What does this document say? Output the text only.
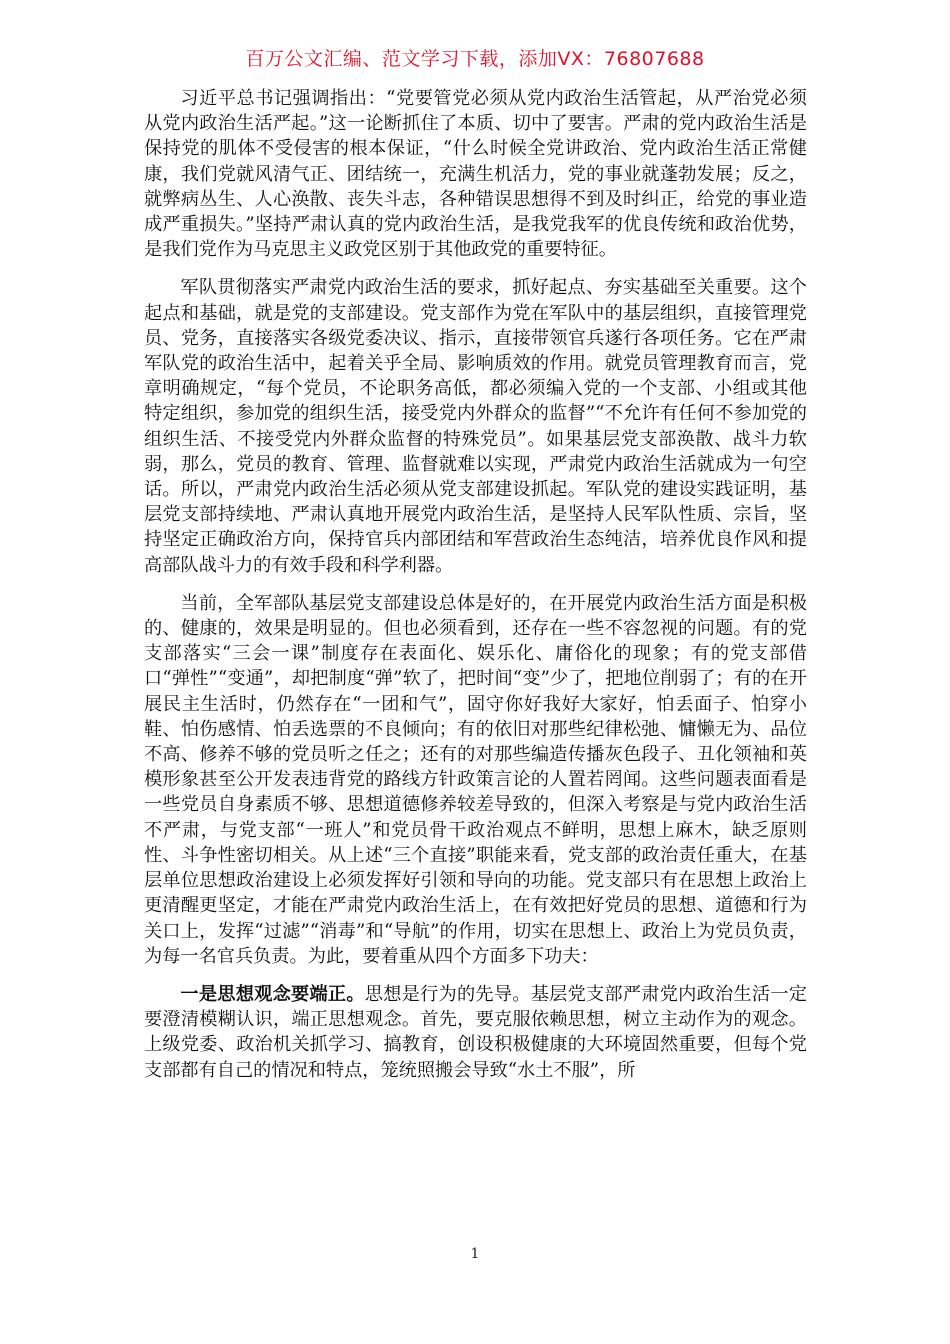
百万公文汇编、范文学习下载，添加VX：76807688

习近平总书记强调指出：“党要管党必须从党内政治生活管起，从严治党必须从党内政治生活严起。”这一论断抓住了本质、切中了要害。严肃的党内政治生活是保持党的肌体不受侵害的根本保证，“什么时候全党讲政治、党内政治生活正常健康，我们党就风清气正、团结统一，充满生机活力，党的事业就蓬勃发展；反之，就弊病丛生、人心涣散、丧失斗志，各种错误思想得不到及时纠正，给党的事业造成严重损失。”坚持严肃认真的党内政治生活，是我党我军的优良传统和政治优势，是我们党作为马克思主义政党区别于其他政党的重要特征。

军队贯彻落实严肃党内政治生活的要求，抓好起点、夯实基础至关重要。这个起点和基础，就是党的支部建设。党支部作为党在军队中的基层组织，直接管理党员、党务，直接落实各级党委决议、指示，直接带领官兵遂行各项任务。它在严肃军队党的政治生活中，起着关乎全局、影响质效的作用。就党员管理教育而言，党章明确规定，“每个党员，不论职务高低，都必须编入党的一个支部、小组或其他特定组织，参加党的组织生活，接受党内外群众的监督”“不允许有任何不参加党的组织生活、不接受党内外群众监督的特殊党员”。如果基层党支部涣散、战斗力软弱，那么，党员的教育、管理、监督就难以实现，严肃党内政治生活就成为一句空话。所以，严肃党内政治生活必须从党支部建设抓起。军队党的建设实践证明，基层党支部持续地、严肃认真地开展党内政治生活，是坚持人民军队性质、宗旨，坚持坚定正确政治方向，保持官兵内部团结和军营政治生态纯洁，培养优良作风和提高部队战斗力的有效手段和科学利器。

当前，全军部队基层党支部建设总体是好的，在开展党内政治生活方面是积极的、健康的，效果是明显的。但也必须看到，还存在一些不容忽视的问题。有的党支部落实“三会一课”制度存在表面化、娱乐化、庸俗化的现象；有的党支部借口“弹性”“变通”，却把制度“弹”软了，把时间“变”少了，把地位削弱了；有的在开展民主生活时，仍然存在“一团和气”，固守你好我好大家好，怕丢面子、怕穿小鞋、怕伤感情、怕丢选票的不良倾向；有的依旧对那些纪律松弛、慵懒无为、品位不高、修养不够的党员听之任之；还有的对那些编造传播灰色段子、丑化领袖和英模形象甚至公开发表违背党的路线方针政策言论的人置若罔闻。这些问题表面看是一些党员自身素质不够、思想道德修养较差导致的，但深入考察是与党内政治生活不严肃，与党支部“一班人”和党员骨干政治观点不鲜明，思想上麻木，缺乏原则性、斗争性密切相关。从上述“三个直接”职能来看，党支部的政治责任重大，在基层单位思想政治建设上必须发挥好引领和导向的功能。党支部只有在思想上政治上更清醒更坚定，才能在严肃党内政治生活上，在有效把好党员的思想、道德和行为关口上，发挥“过滤”“消毒”和“导航”的作用，切实在思想上、政治上为党员负责，为每一名官兵负责。为此，要着重从四个方面多下功夫：

一是思想观念要端正。思想是行为的先导。基层党支部严肃党内政治生活一定要澄清模糊认识，端正思想观念。首先，要克服依赖思想，树立主动作为的观念。上级党委、政治机关抓学习、搞教育，创设积极健康的大环境固然重要，但每个党支部都有自己的情况和特点，笼统照搬会导致“水土不服”，所

1
